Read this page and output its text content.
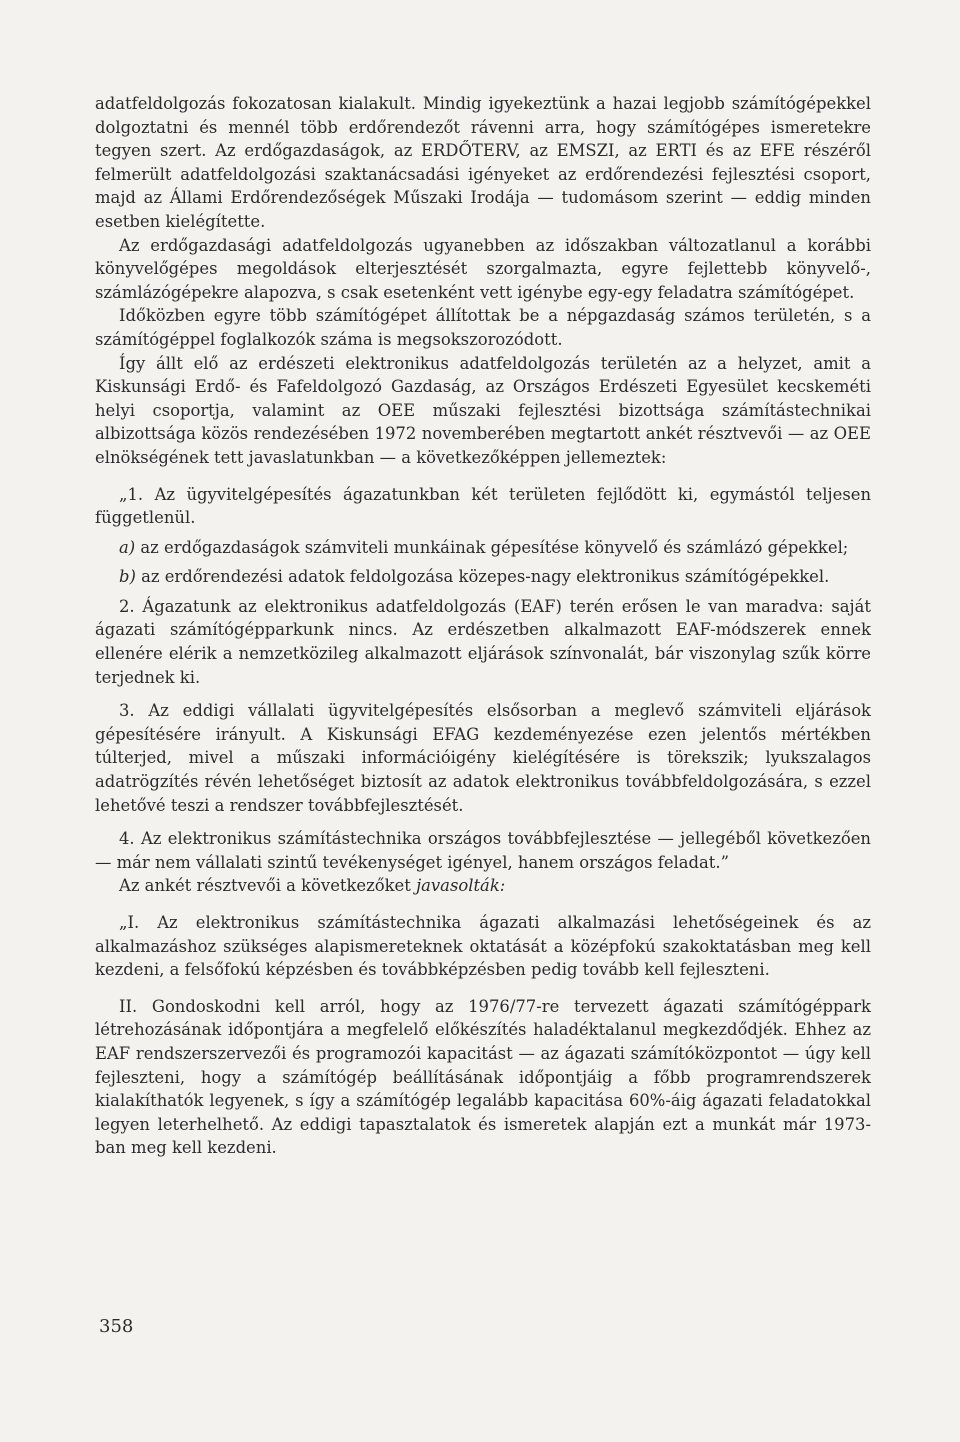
adatfeldolgozás fokozatosan kialakult. Mindig igyekeztünk a hazai legjobb számítógépekkel dolgoztatni és mennél több erdőrendezőt rávenni arra, hogy számítógépes ismeretekre tegyen szert. Az erdőgazdaságok, az ERDŐTERV, az EMSZI, az ERTI és az EFE részéről felmerült adatfeldolgozási szaktanácsadási igényeket az erdőrendezési fejlesztési csoport, majd az Állami Erdőrendezőségek Műszaki Irodája — tudomásom szerint — eddig minden esetben kielégítette.

Az erdőgazdasági adatfeldolgozás ugyanebben az időszakban változatlanul a korábbi könyvelőgépes megoldások elterjesztését szorgalmazta, egyre fejlettebb könyvelő-, számlázógépekre alapozva, s csak esetenként vett igénybe egy-egy feladatra számítógépet.

Időközben egyre több számítógépet állítottak be a népgazdaság számos területén, s a számítógéppel foglalkozók száma is megsokszorozódott.

Így állt elő az erdészeti elektronikus adatfeldolgozás területén az a helyzet, amit a Kiskunsági Erdő- és Fafeldolgozó Gazdaság, az Országos Erdészeti Egyesület kecskeméti helyi csoportja, valamint az OEE műszaki fejlesztési bizottsága számítástechnikai albizottsága közös rendezésében 1972 novemberében megtartott ankét résztvevői — az OEE elnökségének tett javaslatunkban — a következőképpen jellemeztek:

„1. Az ügyvitelgépesítés ágazatunkban két területen fejlődött ki, egymástól teljesen függetlenül.

a) az erdőgazdaságok számviteli munkáinak gépesítése könyvelő és számlázó gépekkel;

b) az erdőrendezési adatok feldolgozása közepes-nagy elektronikus számítógépekkel.

2. Ágazatunk az elektronikus adatfeldolgozás (EAF) terén erősen le van maradva: saját ágazati számítógépparkunk nincs. Az erdészetben alkalmazott EAF-módszerek ennek ellenére elérik a nemzetközileg alkalmazott eljárások színvonalát, bár viszonylag szűk körre terjednek ki.

3. Az eddigi vállalati ügyvitelgépesítés elsősorban a meglevő számviteli eljárások gépesítésére irányult. A Kiskunsági EFAG kezdeményezése ezen jelentős mértékben túlterjed, mivel a műszaki információigény kielégítésére is törekszik; lyukszalagos adatrögzítés révén lehetőséget biztosít az adatok elektronikus továbbfeldolgozására, s ezzel lehetővé teszi a rendszer továbbfejlesztését.

4. Az elektronikus számítástechnika országos továbbfejlesztése — jellegéből következően — már nem vállalati szintű tevékenységet igényel, hanem országos feladat.”

Az ankét résztvevői a következőket javasolták:

„I. Az elektronikus számítástechnika ágazati alkalmazási lehetőségeinek és az alkalmazáshoz szükséges alapismereteknek oktatását a középfokú szakoktatásban meg kell kezdeni, a felsőfokú képzésben és továbbképzésben pedig tovább kell fejleszteni.

II. Gondoskodni kell arról, hogy az 1976/77-re tervezett ágazati számítógéppark létrehozásának időpontjára a megfelelő előkészítés haladéktalanul megkezdődjék. Ehhez az EAF rendszerszervezői és programozói kapacitást — az ágazati számítóközpontot — úgy kell fejleszteni, hogy a számítógép beállításának időpontjáig a főbb programrendszerek kialakíthatók legyenek, s így a számítógép legalább kapacitása 60%-áig ágazati feladatokkal legyen leterhelhető. Az eddigi tapasztalatok és ismeretek alapján ezt a munkát már 1973-ban meg kell kezdeni.

358
